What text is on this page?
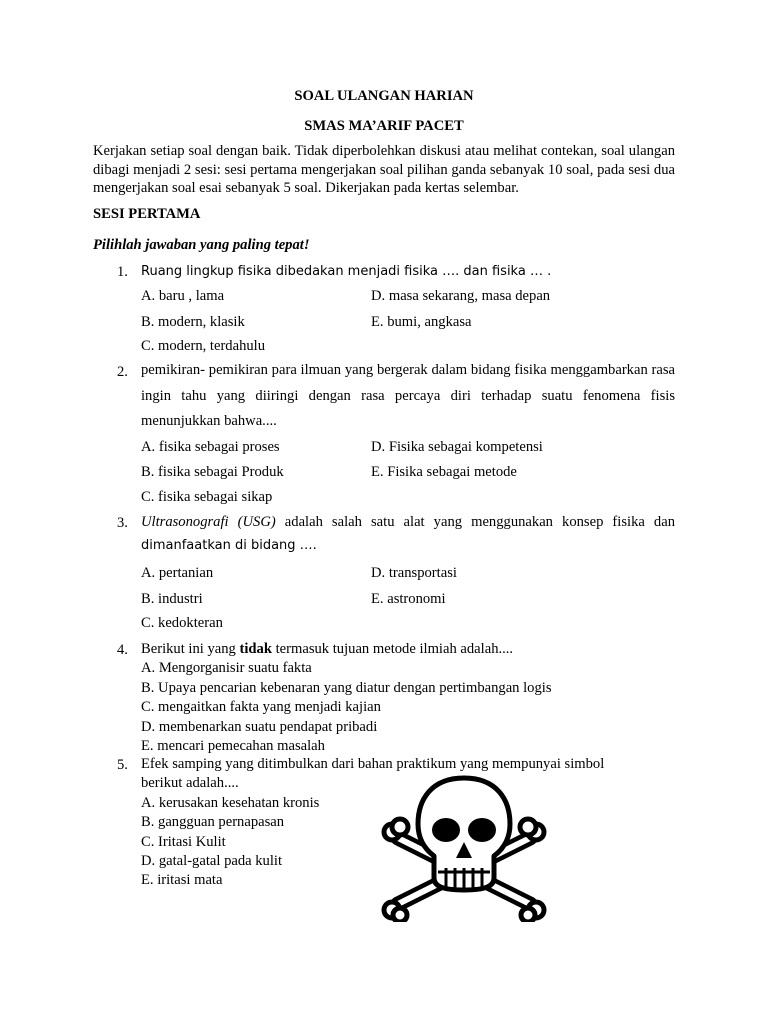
SOAL ULANGAN HARIAN
SMAS MA’ARIF PACET
Kerjakan setiap soal dengan baik. Tidak diperbolehkan diskusi atau melihat contekan, soal ulangan dibagi menjadi 2 sesi: sesi pertama mengerjakan soal pilihan ganda sebanyak 10 soal, pada sesi dua mengerjakan soal esai sebanyak 5 soal. Dikerjakan pada kertas selembar.
SESI PERTAMA
Pilihlah jawaban yang paling tepat!
1. Ruang lingkup fisika dibedakan menjadi fisika …. dan fisika … .
A. baru , lama
B. modern, klasik
C. modern, terdahulu
D. masa sekarang, masa depan
E. bumi, angkasa
2. pemikiran- pemikiran para ilmuan yang bergerak dalam bidang fisika menggambarkan rasa ingin tahu yang diiringi dengan rasa percaya diri terhadap suatu fenomena fisis menunjukkan bahwa....
A. fisika sebagai proses
B. fisika sebagai Produk
C. fisika sebagai sikap
D. Fisika sebagai kompetensi
E. Fisika sebagai metode
3. Ultrasonografi (USG) adalah salah satu alat yang menggunakan konsep fisika dan
dimanfaatkan di bidang ….
A. pertanian
B. industri
C. kedokteran
D. transportasi
E. astronomi
4. Berikut ini yang tidak termasuk tujuan metode ilmiah adalah....
A. Mengorganisir suatu fakta
B. Upaya pencarian kebenaran yang diatur dengan pertimbangan logis
C. mengaitkan fakta yang menjadi kajian
D. membenarkan suatu pendapat pribadi
E. mencari pemecahan masalah
5. Efek samping yang ditimbulkan dari bahan praktikum yang mempunyai simbol berikut adalah....
A. kerusakan kesehatan kronis
B. gangguan pernapasan
C. Iritasi Kulit
D. gatal-gatal pada kulit
E. iritasi mata
